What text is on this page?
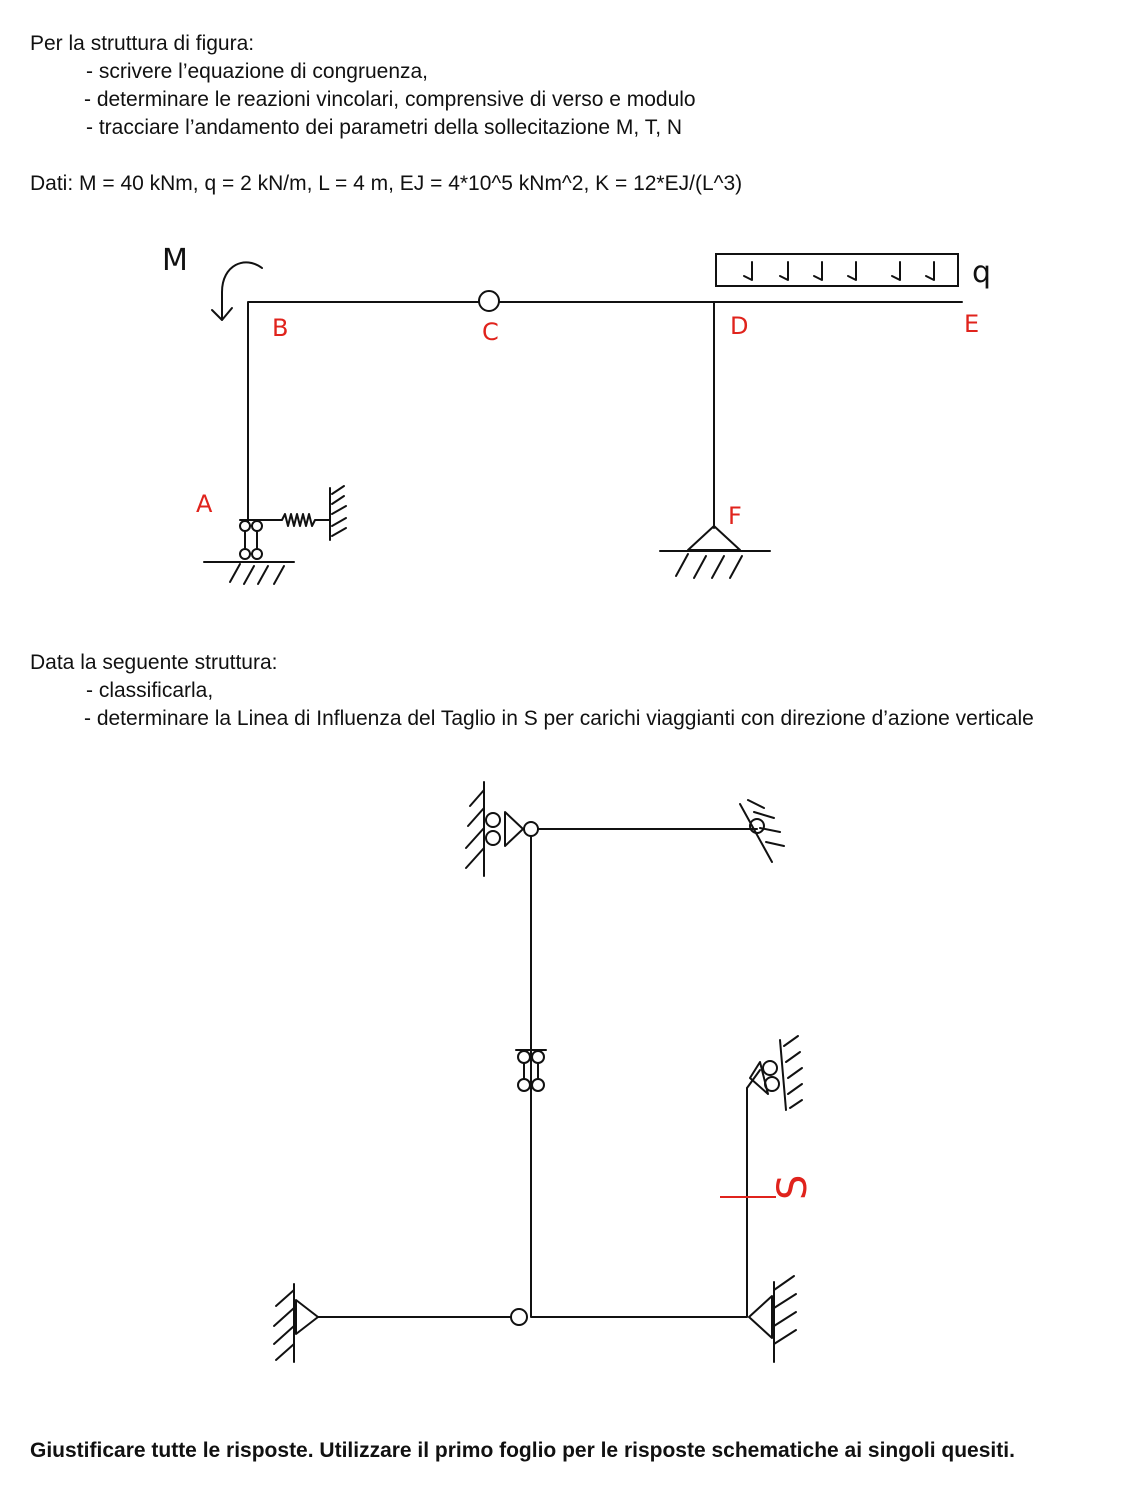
Per la struttura di figura:
- scrivere l’equazione di congruenza,
- determinare le reazioni vincolari, comprensive di verso e modulo
- tracciare l’andamento dei parametri della sollecitazione M, T, N
Dati: M = 40 kNm, q = 2 kN/m, L = 4 m, EJ = 4*10^5 kNm^2, K = 12*EJ/(L^3)
M	q
A
B	C	D	E
F
Data la seguente struttura:
- classificarla,
- determinare la Linea di Influenza del Taglio in S per carichi viaggianti con direzione d’azione verticale
S
Giustificare tutte le risposte. Utilizzare il primo foglio per le risposte schematiche ai singoli quesiti.
